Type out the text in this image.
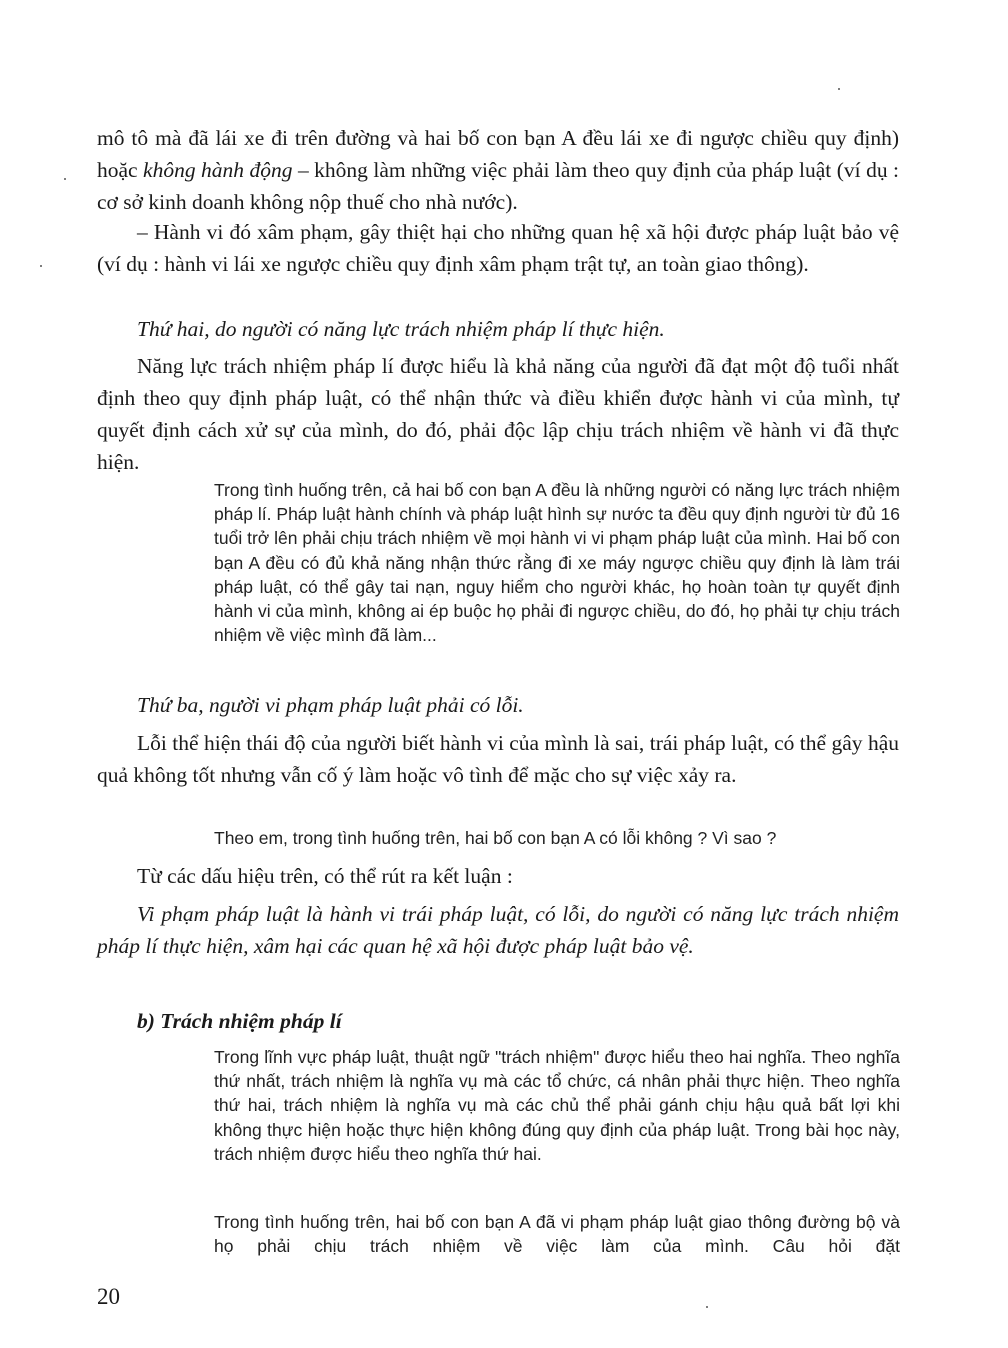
mô tô mà đã lái xe đi trên đường và hai bố con bạn A đều lái xe đi ngược chiều quy định) hoặc không hành động – không làm những việc phải làm theo quy định của pháp luật (ví dụ : cơ sở kinh doanh không nộp thuế cho nhà nước).

– Hành vi đó xâm phạm, gây thiệt hại cho những quan hệ xã hội được pháp luật bảo vệ (ví dụ : hành vi lái xe ngược chiều quy định xâm phạm trật tự, an toàn giao thông).

Thứ hai, do người có năng lực trách nhiệm pháp lí thực hiện.

Năng lực trách nhiệm pháp lí được hiểu là khả năng của người đã đạt một độ tuổi nhất định theo quy định pháp luật, có thể nhận thức và điều khiển được hành vi của mình, tự quyết định cách xử sự của mình, do đó, phải độc lập chịu trách nhiệm về hành vi đã thực hiện.

Trong tình huống trên, cả hai bố con bạn A đều là những người có năng lực trách nhiệm pháp lí. Pháp luật hành chính và pháp luật hình sự nước ta đều quy định người từ đủ 16 tuổi trở lên phải chịu trách nhiệm về mọi hành vi vi phạm pháp luật của mình. Hai bố con bạn A đều có đủ khả năng nhận thức rằng đi xe máy ngược chiều quy định là làm trái pháp luật, có thể gây tai nạn, nguy hiểm cho người khác, họ hoàn toàn tự quyết định hành vi của mình, không ai ép buộc họ phải đi ngược chiều, do đó, họ phải tự chịu trách nhiệm về việc mình đã làm...

Thứ ba, người vi phạm pháp luật phải có lỗi.

Lỗi thể hiện thái độ của người biết hành vi của mình là sai, trái pháp luật, có thể gây hậu quả không tốt nhưng vẫn cố ý làm hoặc vô tình để mặc cho sự việc xảy ra.

Theo em, trong tình huống trên, hai bố con bạn A có lỗi không ? Vì sao ?

Từ các dấu hiệu trên, có thể rút ra kết luận :

Vi phạm pháp luật là hành vi trái pháp luật, có lỗi, do người có năng lực trách nhiệm pháp lí thực hiện, xâm hại các quan hệ xã hội được pháp luật bảo vệ.

b) Trách nhiệm pháp lí

Trong lĩnh vực pháp luật, thuật ngữ "trách nhiệm" được hiểu theo hai nghĩa. Theo nghĩa thứ nhất, trách nhiệm là nghĩa vụ mà các tổ chức, cá nhân phải thực hiện. Theo nghĩa thứ hai, trách nhiệm là nghĩa vụ mà các chủ thể phải gánh chịu hậu quả bất lợi khi không thực hiện hoặc thực hiện không đúng quy định của pháp luật. Trong bài học này, trách nhiệm được hiểu theo nghĩa thứ hai.

Trong tình huống trên, hai bố con bạn A đã vi phạm pháp luật giao thông đường bộ và họ phải chịu trách nhiệm về việc làm của mình. Câu hỏi đặt

20
